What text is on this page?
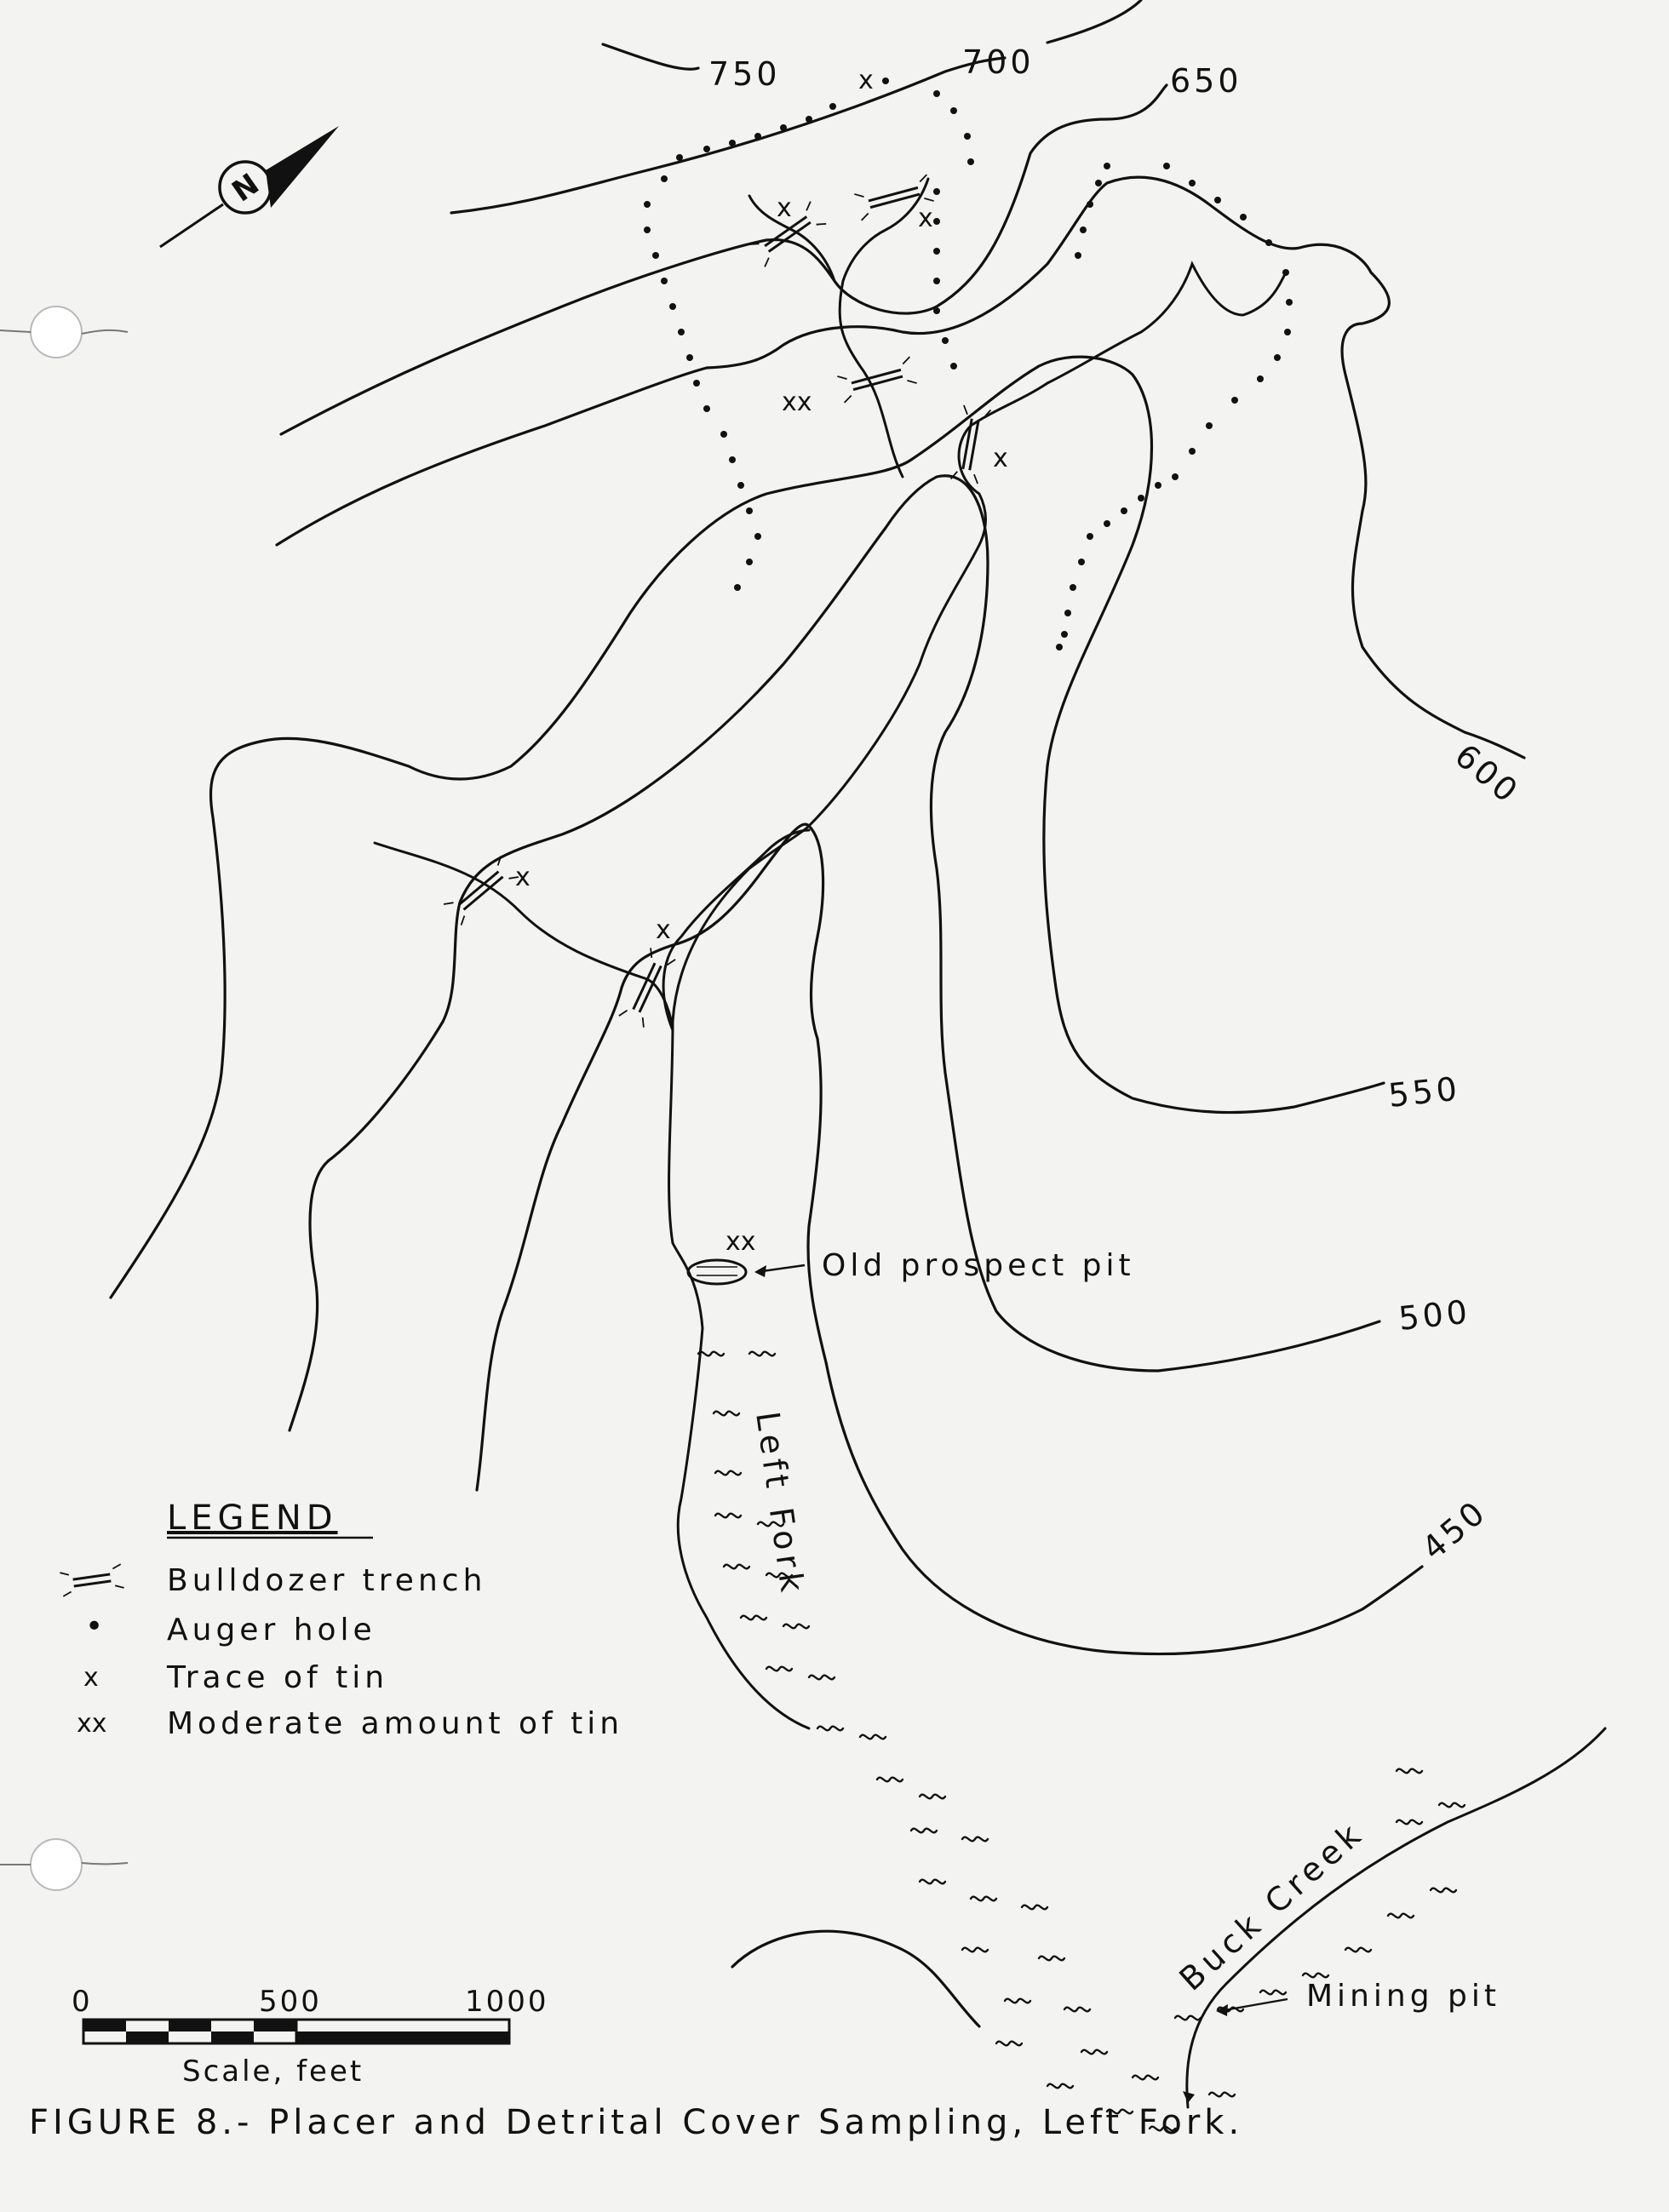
N
x
x	x
xx
x
x
x
xx
Old prospect pit
Mining pit
Left Fork
Buck Creek
750	700	650
600
550
500
450
LEGEND
Bulldozer trench
• Auger hole
x Trace of tin
xx Moderate amount of tin
0	500	1000
Scale, feet
FIGURE 8.- Placer and Detrital Cover Sampling, Left Fork.
